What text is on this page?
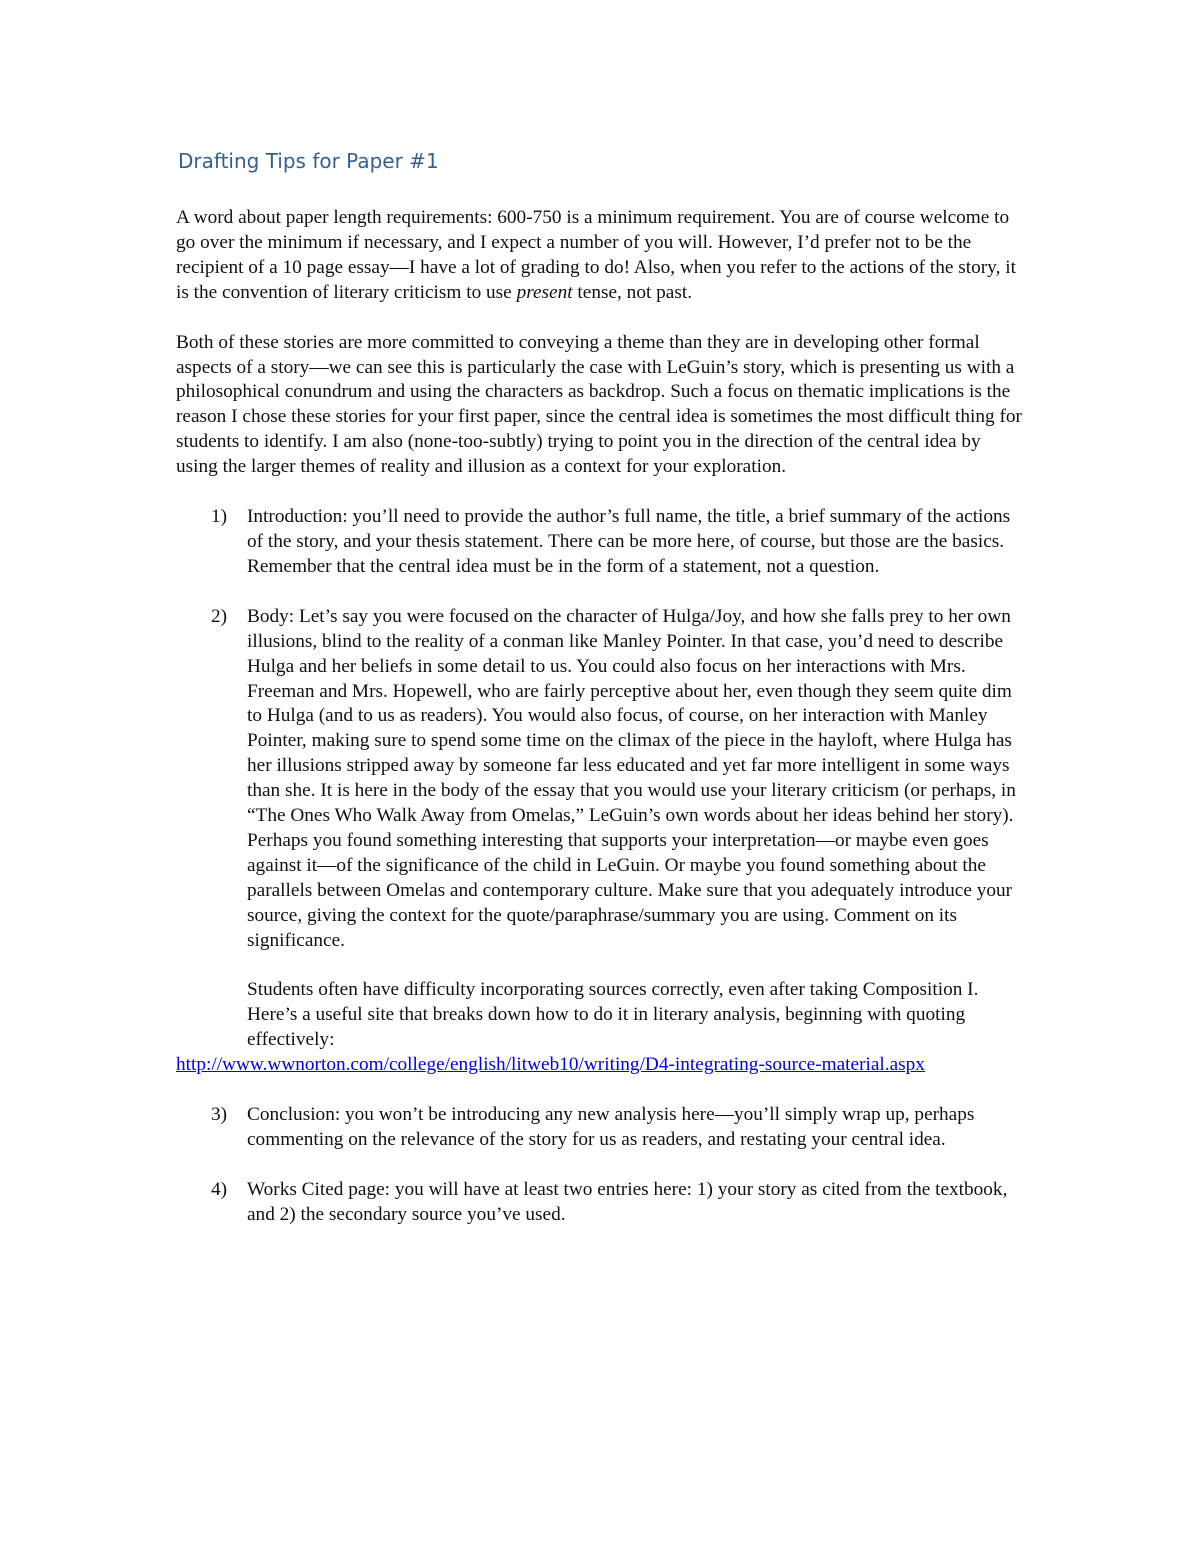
Drafting Tips for Paper #1

A word about paper length requirements: 600-750 is a minimum requirement. You are of course welcome to go over the minimum if necessary, and I expect a number of you will. However, I’d prefer not to be the recipient of a 10 page essay—I have a lot of grading to do! Also, when you refer to the actions of the story, it is the convention of literary criticism to use present tense, not past.

Both of these stories are more committed to conveying a theme than they are in developing other formal aspects of a story—we can see this is particularly the case with LeGuin’s story, which is presenting us with a philosophical conundrum and using the characters as backdrop. Such a focus on thematic implications is the reason I chose these stories for your first paper, since the central idea is sometimes the most difficult thing for students to identify. I am also (none-too-subtly) trying to point you in the direction of the central idea by using the larger themes of reality and illusion as a context for your exploration.

1) Introduction: you’ll need to provide the author’s full name, the title, a brief summary of the actions of the story, and your thesis statement. There can be more here, of course, but those are the basics. Remember that the central idea must be in the form of a statement, not a question.
2) Body: Let’s say you were focused on the character of Hulga/Joy, and how she falls prey to her own illusions, blind to the reality of a conman like Manley Pointer. In that case, you’d need to describe Hulga and her beliefs in some detail to us. You could also focus on her interactions with Mrs. Freeman and Mrs. Hopewell, who are fairly perceptive about her, even though they seem quite dim to Hulga (and to us as readers). You would also focus, of course, on her interaction with Manley Pointer, making sure to spend some time on the climax of the piece in the hayloft, where Hulga has her illusions stripped away by someone far less educated and yet far more intelligent in some ways than she. It is here in the body of the essay that you would use your literary criticism (or perhaps, in “The Ones Who Walk Away from Omelas,” LeGuin’s own words about her ideas behind her story). Perhaps you found something interesting that supports your interpretation—or maybe even goes against it—of the significance of the child in LeGuin. Or maybe you found something about the parallels between Omelas and contemporary culture. Make sure that you adequately introduce your source, giving the context for the quote/paraphrase/summary you are using. Comment on its significance.
Students often have difficulty incorporating sources correctly, even after taking Composition I. Here’s a useful site that breaks down how to do it in literary analysis, beginning with quoting effectively:
http://www.wwnorton.com/college/english/litweb10/writing/D4-integrating-source-material.aspx
3) Conclusion: you won’t be introducing any new analysis here—you’ll simply wrap up, perhaps commenting on the relevance of the story for us as readers, and restating your central idea.
4) Works Cited page: you will have at least two entries here: 1) your story as cited from the textbook, and 2) the secondary source you’ve used.
